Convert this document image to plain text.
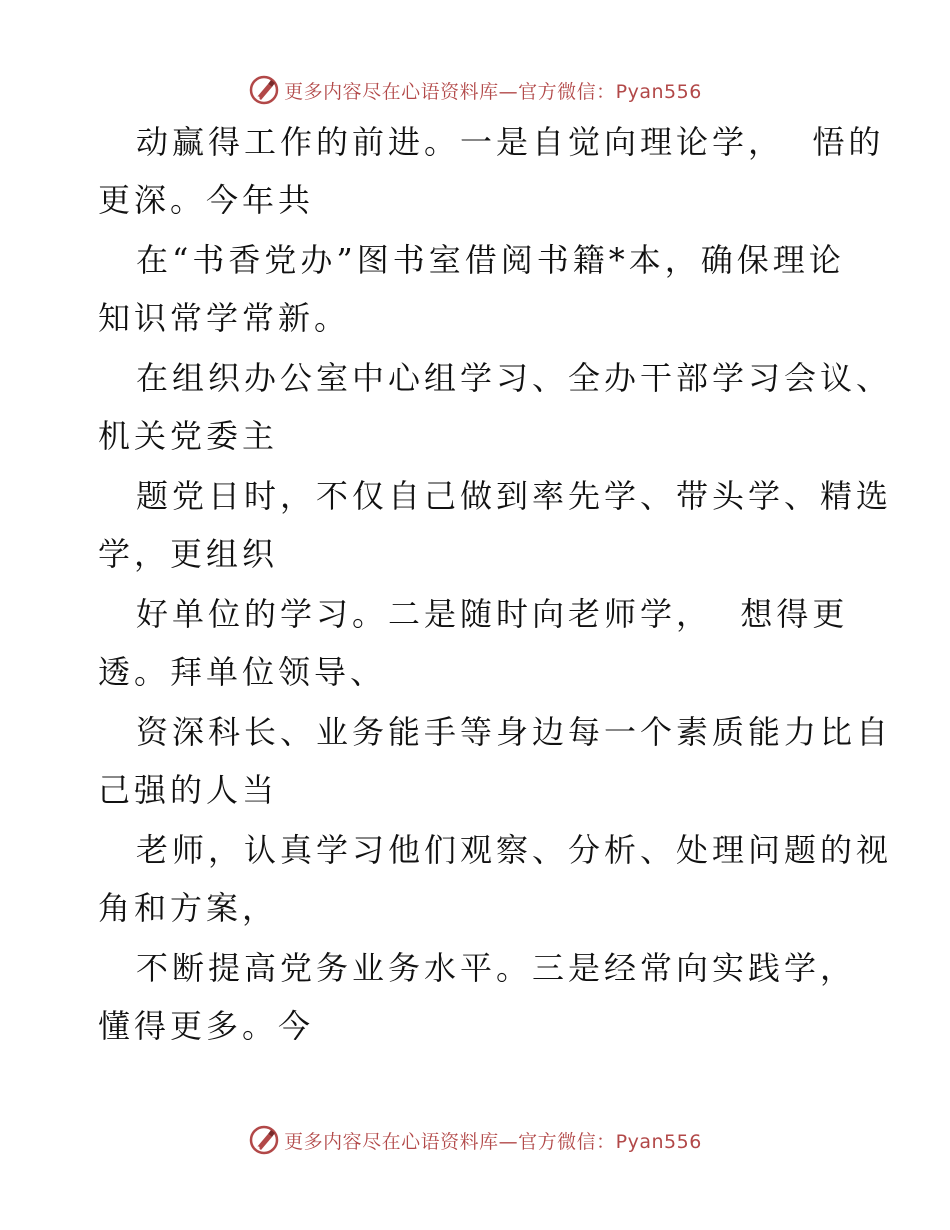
更多内容尽在心语资料库—官方微信：Pyan556
动赢得工作的前进。一是自觉向理论学，  悟的
更深。今年共
在“书香党办”图书室借阅书籍*本，确保理论
知识常学常新。
在组织办公室中心组学习、全办干部学习会议、
机关党委主
题党日时，不仅自己做到率先学、带头学、精选
学，更组织
好单位的学习。二是随时向老师学，  想得更
透。拜单位领导、
资深科长、业务能手等身边每一个素质能力比自
己强的人当
老师，认真学习他们观察、分析、处理问题的视
角和方案，
不断提高党务业务水平。三是经常向实践学，
懂得更多。今
更多内容尽在心语资料库—官方微信：Pyan556
